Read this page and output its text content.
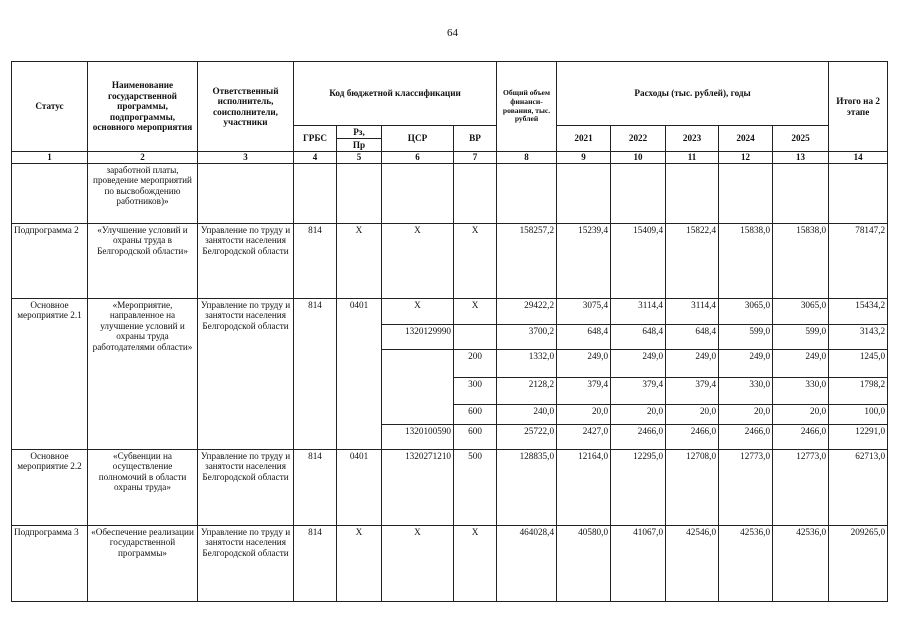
64
Статус	Наименование государственной программы, подпрограммы, основного мероприятия	Ответственный исполнитель, соисполнители, участники	Код бюджетной классификации				Общий объем финанси-рования, тыс. рублей	Расходы (тыс. рублей), годы					Итого на 2 этапе
			ГРБС	Рз,	ЦСР	ВР		2021	2022	2023	2024	2025	
				Пр									
1	2	3	4	5	6	7	8	9	10	11	12	13	14
	заработной платы, проведение мероприятий по высвобождению работников)»												
Подпрограмма 2	«Улучшение условий и охраны труда в Белгородской области»	Управление по труду и занятости населения Белгородской области	814	X	X	X	158257,2	15239,4	15409,4	15822,4	15838,0	15838,0	78147,2
Основное мероприятие 2.1	«Мероприятие, направленное на улучшение условий и охраны труда работодателями области»	Управление по труду и занятости населения Белгородской области	814	0401	X	X	29422,2	3075,4	3114,4	3114,4	3065,0	3065,0	15434,2
					1320129990		3700,2	648,4	648,4	648,4	599,0	599,0	3143,2
						200	1332,0	249,0	249,0	249,0	249,0	249,0	1245,0
						300	2128,2	379,4	379,4	379,4	330,0	330,0	1798,2
						600	240,0	20,0	20,0	20,0	20,0	20,0	100,0
					1320100590	600	25722,0	2427,0	2466,0	2466,0	2466,0	2466,0	12291,0
Основное мероприятие 2.2	«Субвенции на осуществление полномочий в области охраны труда»	Управление по труду и занятости населения Белгородской области	814	0401	1320271210	500	128835,0	12164,0	12295,0	12708,0	12773,0	12773,0	62713,0
Подпрограмма 3	«Обеспечение реализации государственной программы»	Управление по труду и занятости населения Белгородской области	814	X	X	X	464028,4	40580,0	41067,0	42546,0	42536,0	42536,0	209265,0
